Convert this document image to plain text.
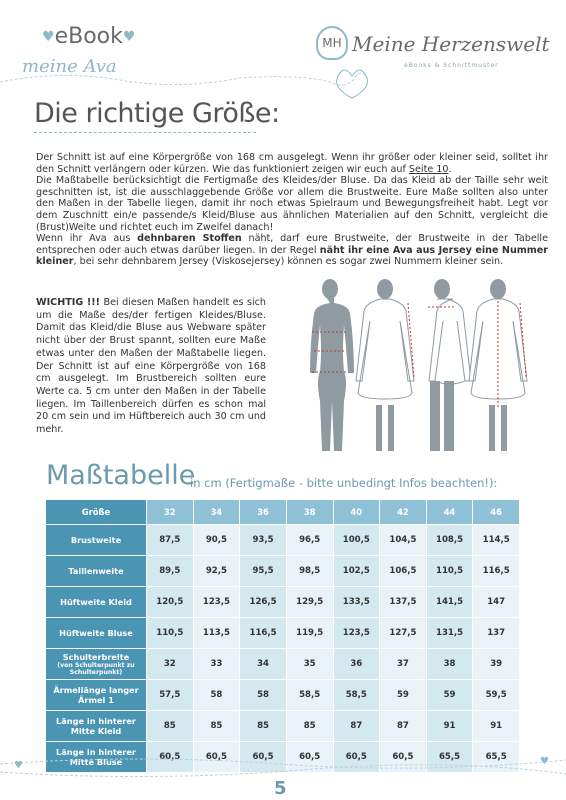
♥eBook♥
meine Ava
MH Meine Herzenswelt
eBooks & Schnittmuster
Die richtige Größe:

Der Schnitt ist auf eine Körpergröße von 168 cm ausgelegt. Wenn ihr größer oder kleiner seid, solltet ihr den Schnitt verlängern oder kürzen. Wie das funktioniert zeigen wir euch auf Seite 10.

Die Maßtabelle berücksichtigt die Fertigmaße des Kleides/der Bluse. Da das Kleid ab der Taille sehr weit geschnitten ist, ist die ausschlaggebende Größe vor allem die Brustweite. Eure Maße sollten also unter den Maßen in der Tabelle liegen, damit ihr noch etwas Spielraum und Bewegungsfreiheit habt. Legt vor dem Zuschnitt ein/e passende/s Kleid/Bluse aus ähnlichen Materialien auf den Schnitt, vergleicht die (Brust)Weite und richtet euch im Zweifel danach!

Wenn ihr Ava aus dehnbaren Stoffen näht, darf eure Brustweite, der Brustweite in der Tabelle entsprechen oder auch etwas darüber liegen. In der Regel näht ihr eine Ava aus Jersey eine Nummer kleiner, bei sehr dehnbarem Jersey (Viskosejersey) können es sogar zwei Nummern kleiner sein.

WICHTIG !!! Bei diesen Maßen handelt es sich um die Maße des/der fertigen Kleides/Bluse. Damit das Kleid/die Bluse aus Webware später nicht über der Brust spannt, sollten eure Maße etwas unter den Maßen der Maßtabelle liegen. Der Schnitt ist auf eine Körpergröße von 168 cm ausgelegt. Im Brustbereich sollten eure Werte ca. 5 cm unter den Maßen in der Tabelle liegen. Im Taillenbereich dürfen es schon mal 20 cm sein und im Hüftbereich auch 30 cm und mehr.
Maßtabelle
in cm (Fertigmaße - bitte unbedingt Infos beachten!):
Größe	32	34	36	38	40	42	44	46
Brustweite	87,5	90,5	93,5	96,5	100,5	104,5	108,5	114,5
Taillenweite	89,5	92,5	95,5	98,5	102,5	106,5	110,5	116,5
Hüftweite Kleid	120,5	123,5	126,5	129,5	133,5	137,5	141,5	147
Hüftweite Bluse	110,5	113,5	116,5	119,5	123,5	127,5	131,5	137
Schulterbreite
(von Schulterpunkt zu Schulterpunkt)	32	33	34	35	36	37	38	39
Ärmellänge langer Ärmel 1	57,5	58	58	58,5	58,5	59	59	59,5
Länge in hinterer Mitte Kleid	85	85	85	85	87	87	91	91
Länge in hinterer Mitte Bluse	60,5	60,5	60,5	60,5	60,5	60,5	65,5	65,5
♥	♥
5
